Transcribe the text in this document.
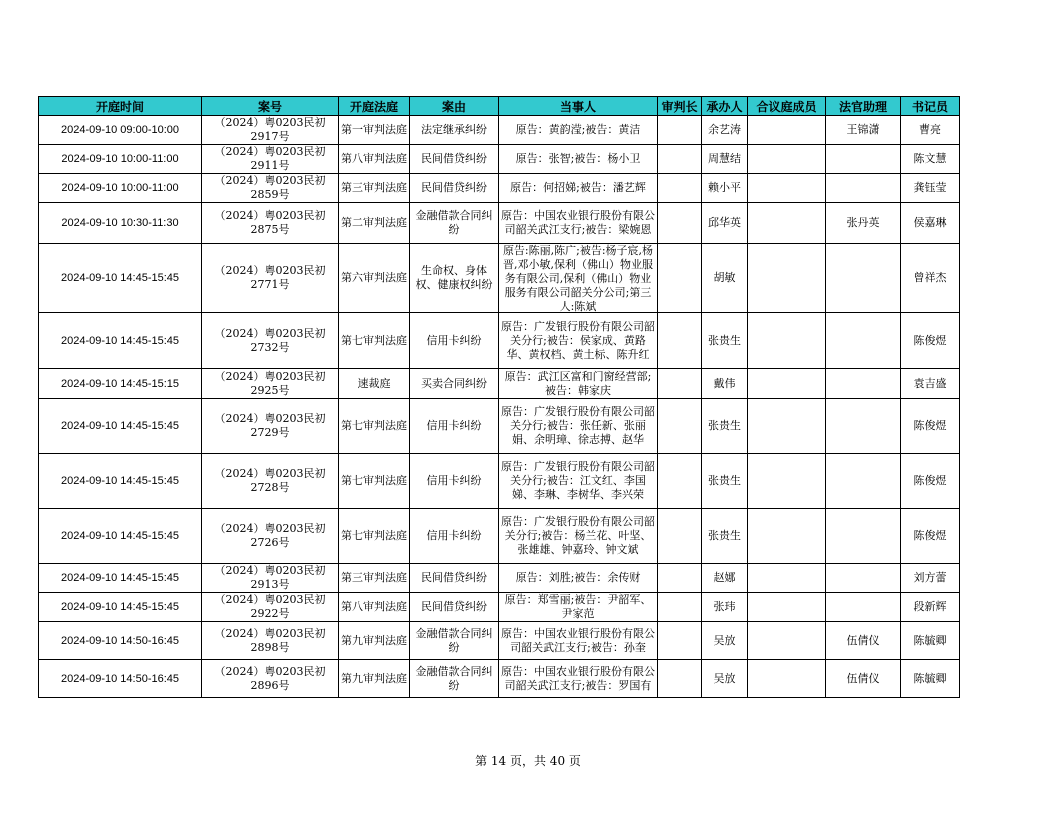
开庭时间	案号	开庭法庭	案由	当事人	审判长	承办人	合议庭成员	法官助理	书记员

2024-09-10 09:00-10:00	（2024）粤0203民初2917号	第一审判法庭	法定继承纠纷	原告：黄韵滢;被告：黄洁		余艺涛		王锦潇	曹亮

2024-09-10 10:00-11:00	（2024）粤0203民初2911号	第八审判法庭	民间借贷纠纷	原告：张智;被告：杨小卫		周慧结			陈文慧

2024-09-10 10:00-11:00	（2024）粤0203民初2859号	第三审判法庭	民间借贷纠纷	原告：何招娣;被告：潘艺辉		赖小平			龚钰莹

2024-09-10 10:30-11:30	（2024）粤0203民初2875号	第二审判法庭	金融借款合同纠纷	原告：中国农业银行股份有限公司韶关武江支行;被告：梁婉恩		邱华英		张丹英	侯嘉琳

2024-09-10 14:45-15:45	（2024）粤0203民初2771号	第六审判法庭	生命权、身体权、健康权纠纷	原告:陈丽,陈广;被告:杨子宸,杨晋,邓小敏,保利（佛山）物业服务有限公司,保利（佛山）物业服务有限公司韶关分公司;第三人:陈斌		胡敏			曾祥杰

2024-09-10 14:45-15:45	（2024）粤0203民初2732号	第七审判法庭	信用卡纠纷	原告：广发银行股份有限公司韶关分行;被告：侯家成、黄路华、黄权档、黄土标、陈升红		张贵生			陈俊煜

2024-09-10 14:45-15:15	（2024）粤0203民初2925号	速裁庭	买卖合同纠纷	原告：武江区富和门窗经营部;被告：韩家庆		戴伟			袁吉盛

2024-09-10 14:45-15:45	（2024）粤0203民初2729号	第七审判法庭	信用卡纠纷	原告：广发银行股份有限公司韶关分行;被告：张任新、张丽娟、余明璋、徐志搏、赵华		张贵生			陈俊煜

2024-09-10 14:45-15:45	（2024）粤0203民初2728号	第七审判法庭	信用卡纠纷	原告：广发银行股份有限公司韶关分行;被告：江文红、李国娣、李琳、李树华、李兴荣		张贵生			陈俊煜

2024-09-10 14:45-15:45	（2024）粤0203民初2726号	第七审判法庭	信用卡纠纷	原告：广发银行股份有限公司韶关分行;被告：杨兰花、叶坚、张雄雄、钟嘉玲、钟文斌		张贵生			陈俊煜

2024-09-10 14:45-15:45	（2024）粤0203民初2913号	第三审判法庭	民间借贷纠纷	原告：刘胜;被告：余传财		赵娜			刘方蕾

2024-09-10 14:45-15:45	（2024）粤0203民初2922号	第八审判法庭	民间借贷纠纷	原告：郑雪丽;被告：尹韶军、尹家范		张玮			段新辉

2024-09-10 14:50-16:45	（2024）粤0203民初2898号	第九审判法庭	金融借款合同纠纷	原告：中国农业银行股份有限公司韶关武江支行;被告：孙奎		吴放		伍倩仪	陈毓卿

2024-09-10 14:50-16:45	（2024）粤0203民初2896号	第九审判法庭	金融借款合同纠纷	原告：中国农业银行股份有限公司韶关武江支行;被告：罗国有		吴放		伍倩仪	陈毓卿
第 14 页，共 40 页
